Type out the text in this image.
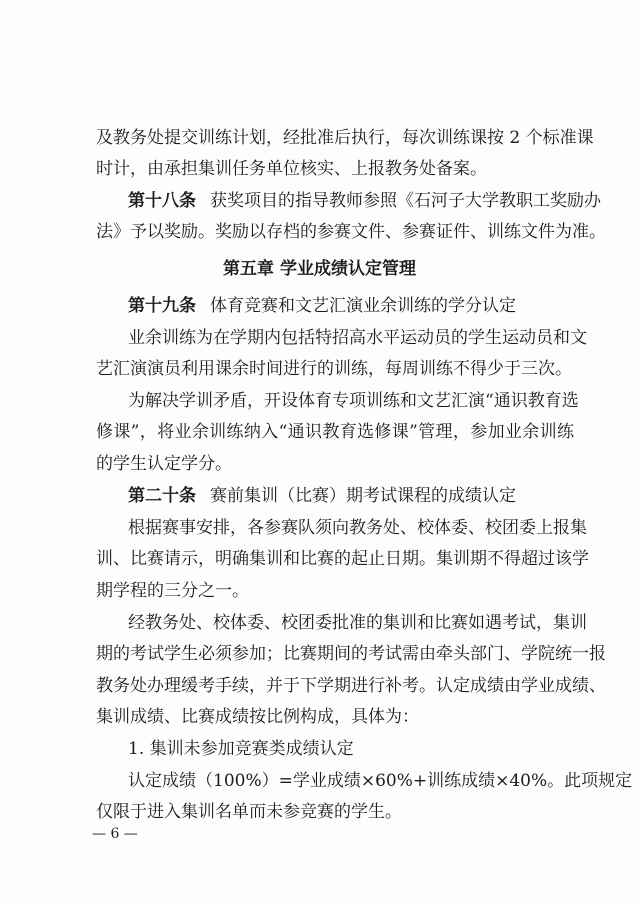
及教务处提交训练计划，经批准后执行，每次训练课按 2 个标准课
时计，由承担集训任务单位核实、上报教务处备案。
第十八条 获奖项目的指导教师参照《石河子大学教职工奖励办
法》予以奖励。奖励以存档的参赛文件、参赛证件、训练文件为准。
第五章 学业成绩认定管理
第十九条 体育竞赛和文艺汇演业余训练的学分认定
业余训练为在学期内包括特招高水平运动员的学生运动员和文
艺汇演演员利用课余时间进行的训练，每周训练不得少于三次。
为解决学训矛盾，开设体育专项训练和文艺汇演“通识教育选
修课”，将业余训练纳入“通识教育选修课”管理，参加业余训练
的学生认定学分。
第二十条 赛前集训（比赛）期考试课程的成绩认定
根据赛事安排，各参赛队须向教务处、校体委、校团委上报集
训、比赛请示，明确集训和比赛的起止日期。集训期不得超过该学
期学程的三分之一。
经教务处、校体委、校团委批准的集训和比赛如遇考试，集训
期的考试学生必须参加；比赛期间的考试需由牵头部门、学院统一报
教务处办理缓考手续，并于下学期进行补考。认定成绩由学业成绩、
集训成绩、比赛成绩按比例构成，具体为：
1. 集训未参加竞赛类成绩认定
认定成绩（100%）=学业成绩×60%+训练成绩×40%。此项规定
仅限于进入集训名单而未参竞赛的学生。
— 6 —
